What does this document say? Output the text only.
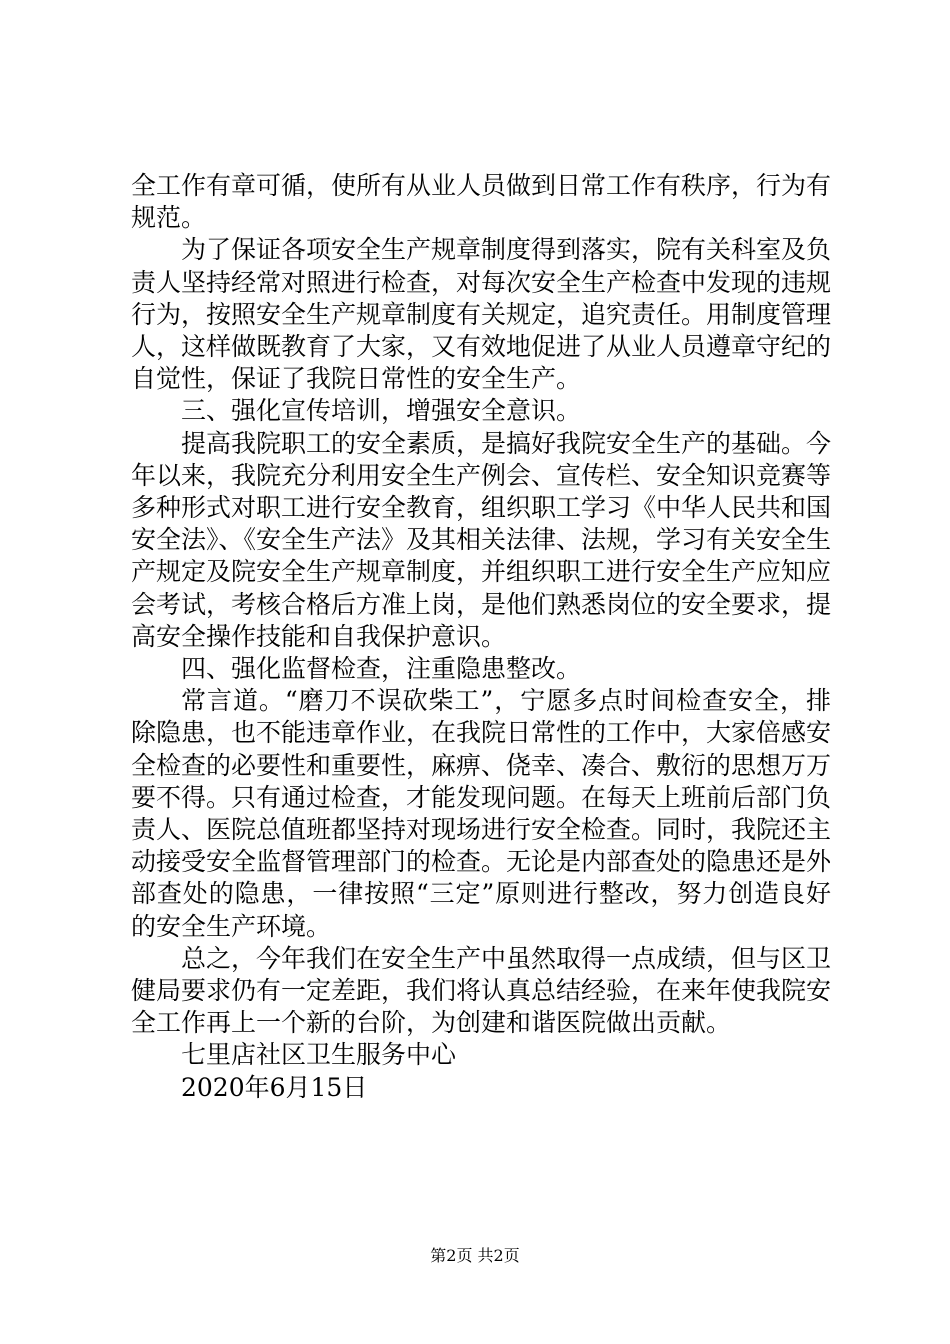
全工作有章可循，使所有从业人员做到日常工作有秩序，行为有规范。

为了保证各项安全生产规章制度得到落实，院有关科室及负责人坚持经常对照进行检查，对每次安全生产检查中发现的违规行为，按照安全生产规章制度有关规定，追究责任。用制度管理人，这样做既教育了大家，又有效地促进了从业人员遵章守纪的自觉性，保证了我院日常性的安全生产。

三、强化宣传培训，增强安全意识。

提高我院职工的安全素质，是搞好我院安全生产的基础。今年以来，我院充分利用安全生产例会、宣传栏、安全知识竞赛等多种形式对职工进行安全教育，组织职工学习《中华人民共和国安全法》、《安全生产法》及其相关法律、法规，学习有关安全生产规定及院安全生产规章制度，并组织职工进行安全生产应知应会考试，考核合格后方准上岗，是他们熟悉岗位的安全要求，提高安全操作技能和自我保护意识。

四、强化监督检查，注重隐患整改。

常言道。“磨刀不误砍柴工”，宁愿多点时间检查安全，排除隐患，也不能违章作业，在我院日常性的工作中，大家倍感安全检查的必要性和重要性，麻痹、侥幸、凑合、敷衍的思想万万要不得。只有通过检查，才能发现问题。在每天上班前后部门负责人、医院总值班都坚持对现场进行安全检查。同时，我院还主动接受安全监督管理部门的检查。无论是内部查处的隐患还是外部查处的隐患，一律按照“三定”原则进行整改，努力创造良好的安全生产环境。

总之，今年我们在安全生产中虽然取得一点成绩，但与区卫健局要求仍有一定差距，我们将认真总结经验，在来年使我院安全工作再上一个新的台阶，为创建和谐医院做出贡献。

七里店社区卫生服务中心

2020年6月15日

第2页 共2页
